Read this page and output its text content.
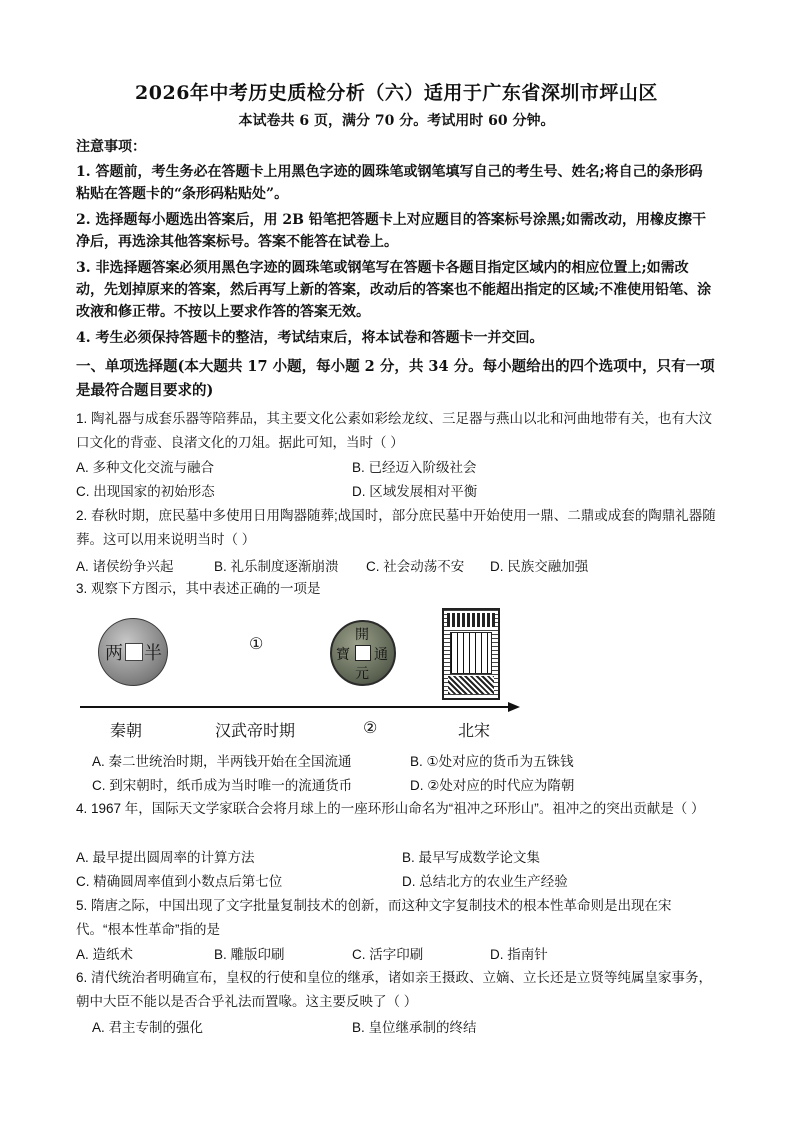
2026年中考历史质检分析（六）适用于广东省深圳市坪山区
本试卷共 6 页，满分 70 分。考试用时 60 分钟。
注意事项：
1. 答题前，考生务必在答题卡上用黑色字迹的圆珠笔或钢笔填写自己的考生号、姓名;将自己的条形码粘贴在答题卡的“条形码粘贴处”。
2. 选择题每小题选出答案后，用 2B 铅笔把答题卡上对应题目的答案标号涂黑;如需改动，用橡皮擦干净后，再选涂其他答案标号。答案不能答在试卷上。
3. 非选择题答案必须用黑色字迹的圆珠笔或钢笔写在答题卡各题目指定区域内的相应位置上;如需改动，先划掉原来的答案，然后再写上新的答案，改动后的答案也不能超出指定的区域;不准使用铅笔、涂改液和修正带。不按以上要求作答的答案无效。
4. 考生必须保持答题卡的整洁，考试结束后，将本试卷和答题卡一并交回。
一、单项选择题(本大题共 17 小题，每小题 2 分，共 34 分。每小题给出的四个选项中，只有一项是最符合题目要求的)
1. 陶礼器与成套乐器等陪葬品，其主要文化公素如彩绘龙纹、三足器与燕山以北和河曲地带有关，也有大汶口文化的背壶、良渚文化的刀俎。据此可知，当时（ ）
A. 多种文化交流与融合	B. 已经迈入阶级社会
C. 出现国家的初始形态	D. 区域发展相对平衡
2. 春秋时期，庶民墓中多使用日用陶器随葬;战国时，部分庶民墓中开始使用一鼎、二鼎或成套的陶鼎礼器随葬。这可以用来说明当时（ ）
A. 诸侯纷争兴起	B. 礼乐制度逐渐崩溃 C. 社会动荡不安 D. 民族交融加强
3. 观察下方图示，其中表述正确的一项是
两 半	①	開
元
寶 通
秦朝	汉武帝时期	②	北宋
A. 秦二世统治时期，半两钱开始在全国流通	B. ①处对应的货币为五铢钱
C. 到宋朝时，纸币成为当时唯一的流通货币	D. ②处对应的时代应为隋朝
4. 1967 年，国际天文学家联合会将月球上的一座环形山命名为“祖冲之环形山”。祖冲之的突出贡献是（ ）
A. 最早提出圆周率的计算方法	B. 最早写成数学论文集
C. 精确圆周率值到小数点后第七位	D. 总结北方的农业生产经验
5. 隋唐之际，中国出现了文字批量复制技术的创新，而这种文字复制技术的根本性革命则是出现在宋代。“根本性革命”指的是
A. 造纸术	B. 雕版印刷	C. 活字印刷	D. 指南针
6. 清代统治者明确宣布，皇权的行使和皇位的继承，诸如亲王摄政、立嫡、立长还是立贤等纯属皇家事务，朝中大臣不能以是否合乎礼法而置喙。这主要反映了（ ）
A. 君主专制的强化	B. 皇位继承制的终结
